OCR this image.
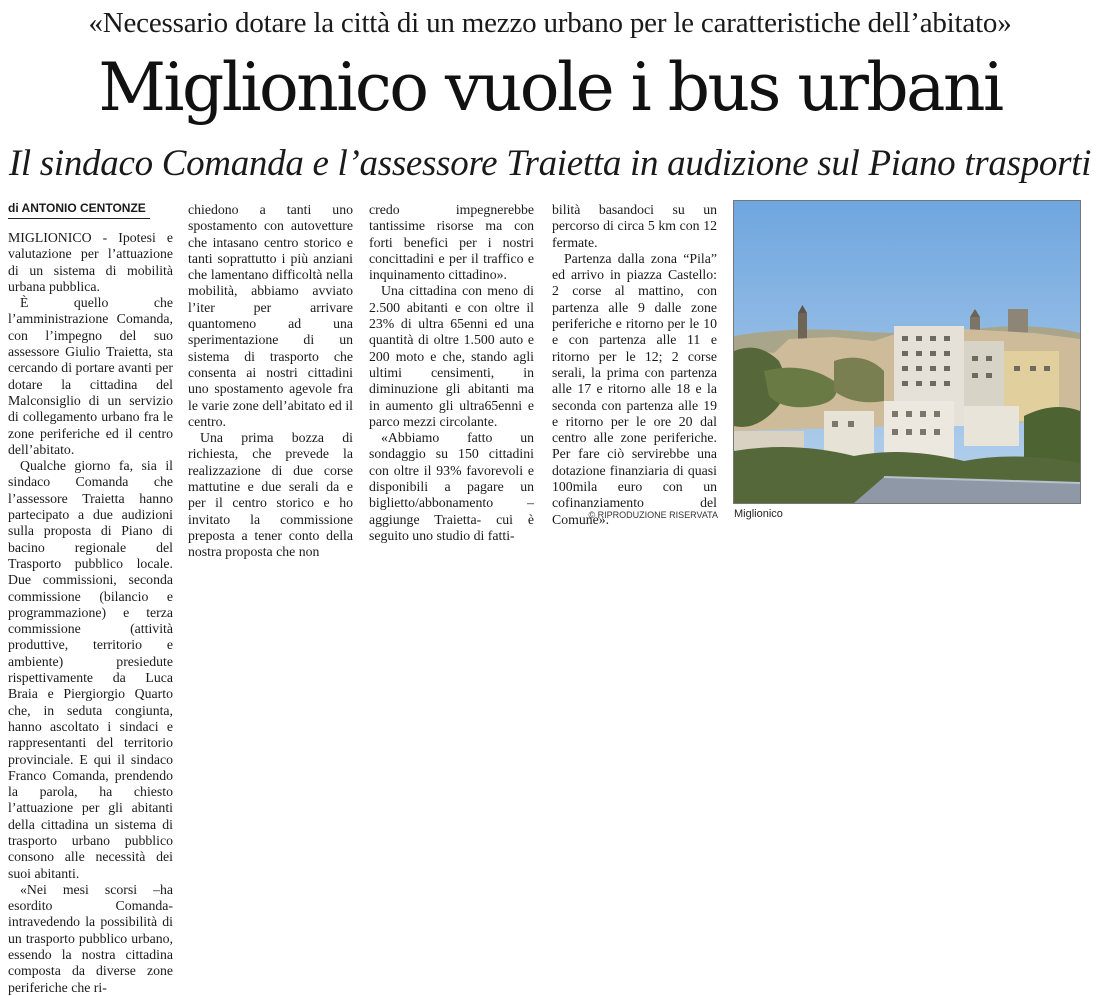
«Necessario dotare la città di un mezzo urbano per le caratteristiche dell’abitato»
Miglionico vuole i bus urbani
Il sindaco Comanda e l’assessore Traietta in audizione sul Piano trasporti
di ANTONIO CENTONZE

MIGLIONICO - Ipotesi e valutazione per l’attuazione di un sistema di mobilità urbana pubblica.

È quello che l’amministrazione Comanda, con l’impegno del suo assessore Giulio Traietta, sta cercando di portare avanti per dotare la cittadina del Malconsiglio di un servizio di collegamento urbano fra le zone periferiche ed il centro dell’abitato.

Qualche giorno fa, sia il sindaco Comanda che l’assessore Traietta hanno partecipato a due audizioni sulla proposta di Piano di bacino regionale del Trasporto pubblico locale. Due commissioni, seconda commissione (bilancio e programmazione) e terza commissione (attività produttive, territorio e ambiente) presiedute rispettivamente da Luca Braia e Piergiorgio Quarto che, in seduta congiunta, hanno ascoltato i sindaci e rappresentanti del territorio provinciale. E qui il sindaco Franco Comanda, prendendo la parola, ha chiesto l’attuazione per gli abitanti della cittadina un sistema di trasporto urbano pubblico consono alle necessità dei suoi abitanti.

«Nei mesi scorsi –ha esordito Comanda- intravedendo la possibilità di un trasporto pubblico urbano, essendo la nostra cittadina composta da diverse zone periferiche che ri-

chiedono a tanti uno spostamento con autovetture che intasano centro storico e tanti soprattutto i più anziani che lamentano difficoltà nella mobilità, abbiamo avviato l’iter per arrivare quantomeno ad una sperimentazione di un sistema di trasporto che consenta ai nostri cittadini uno spostamento agevole fra le varie zone dell’abitato ed il centro.

Una prima bozza di richiesta, che prevede la realizzazione di due corse mattutine e due serali da e per il centro storico e ho invitato la commissione preposta a tener conto della nostra proposta che non

credo impegnerebbe tantissime risorse ma con forti benefici per i nostri concittadini e per il traffico e inquinamento cittadino».

Una cittadina con meno di 2.500 abitanti e con oltre il 23% di ultra 65enni ed una quantità di oltre 1.500 auto e 200 moto e che, stando agli ultimi censimenti, in diminuzione gli abitanti ma in aumento gli ultra65enni e parco mezzi circolante.

«Abbiamo fatto un sondaggio su 150 cittadini con oltre il 93% favorevoli e disponibili a pagare un biglietto/abbonamento –aggiunge Traietta- cui è seguito uno studio di fatti-

bilità basandoci su un percorso di circa 5 km con 12 fermate.

Partenza dalla zona “Pila” ed arrivo in piazza Castello: 2 corse al mattino, con partenza alle 9 dalle zone periferiche e ritorno per le 10 e con partenza alle 11 e ritorno per le 12; 2 corse serali, la prima con partenza alle 17 e ritorno alle 18 e la seconda con partenza alle 19 e ritorno per le ore 20 dal centro alle zone periferiche. Per fare ciò servirebbe una dotazione finanziaria di quasi 100mila euro con un cofinanziamento del Comune».

© RIPRODUZIONE RISERVATA Miglionico
